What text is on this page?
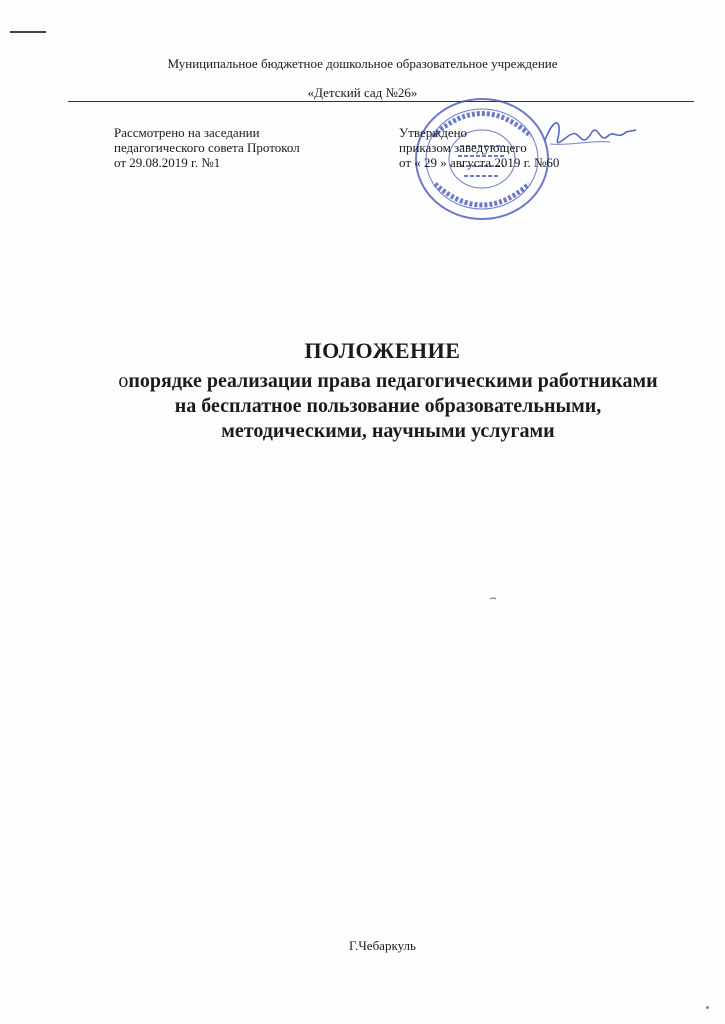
Муниципальное бюджетное дошкольное образовательное учреждение
«Детский сад №26»
Рассмотрено на заседании
педагогического совета Протокол
от 29.08.2019 г. №1
Утверждено
приказом заведующего
от « 29 » августа 2019 г. №60
ПОЛОЖЕНИЕ
опорядке реализации права педагогическими работниками на бесплатное пользование образовательными, методическими, научными услугами
Г.Чебаркуль
